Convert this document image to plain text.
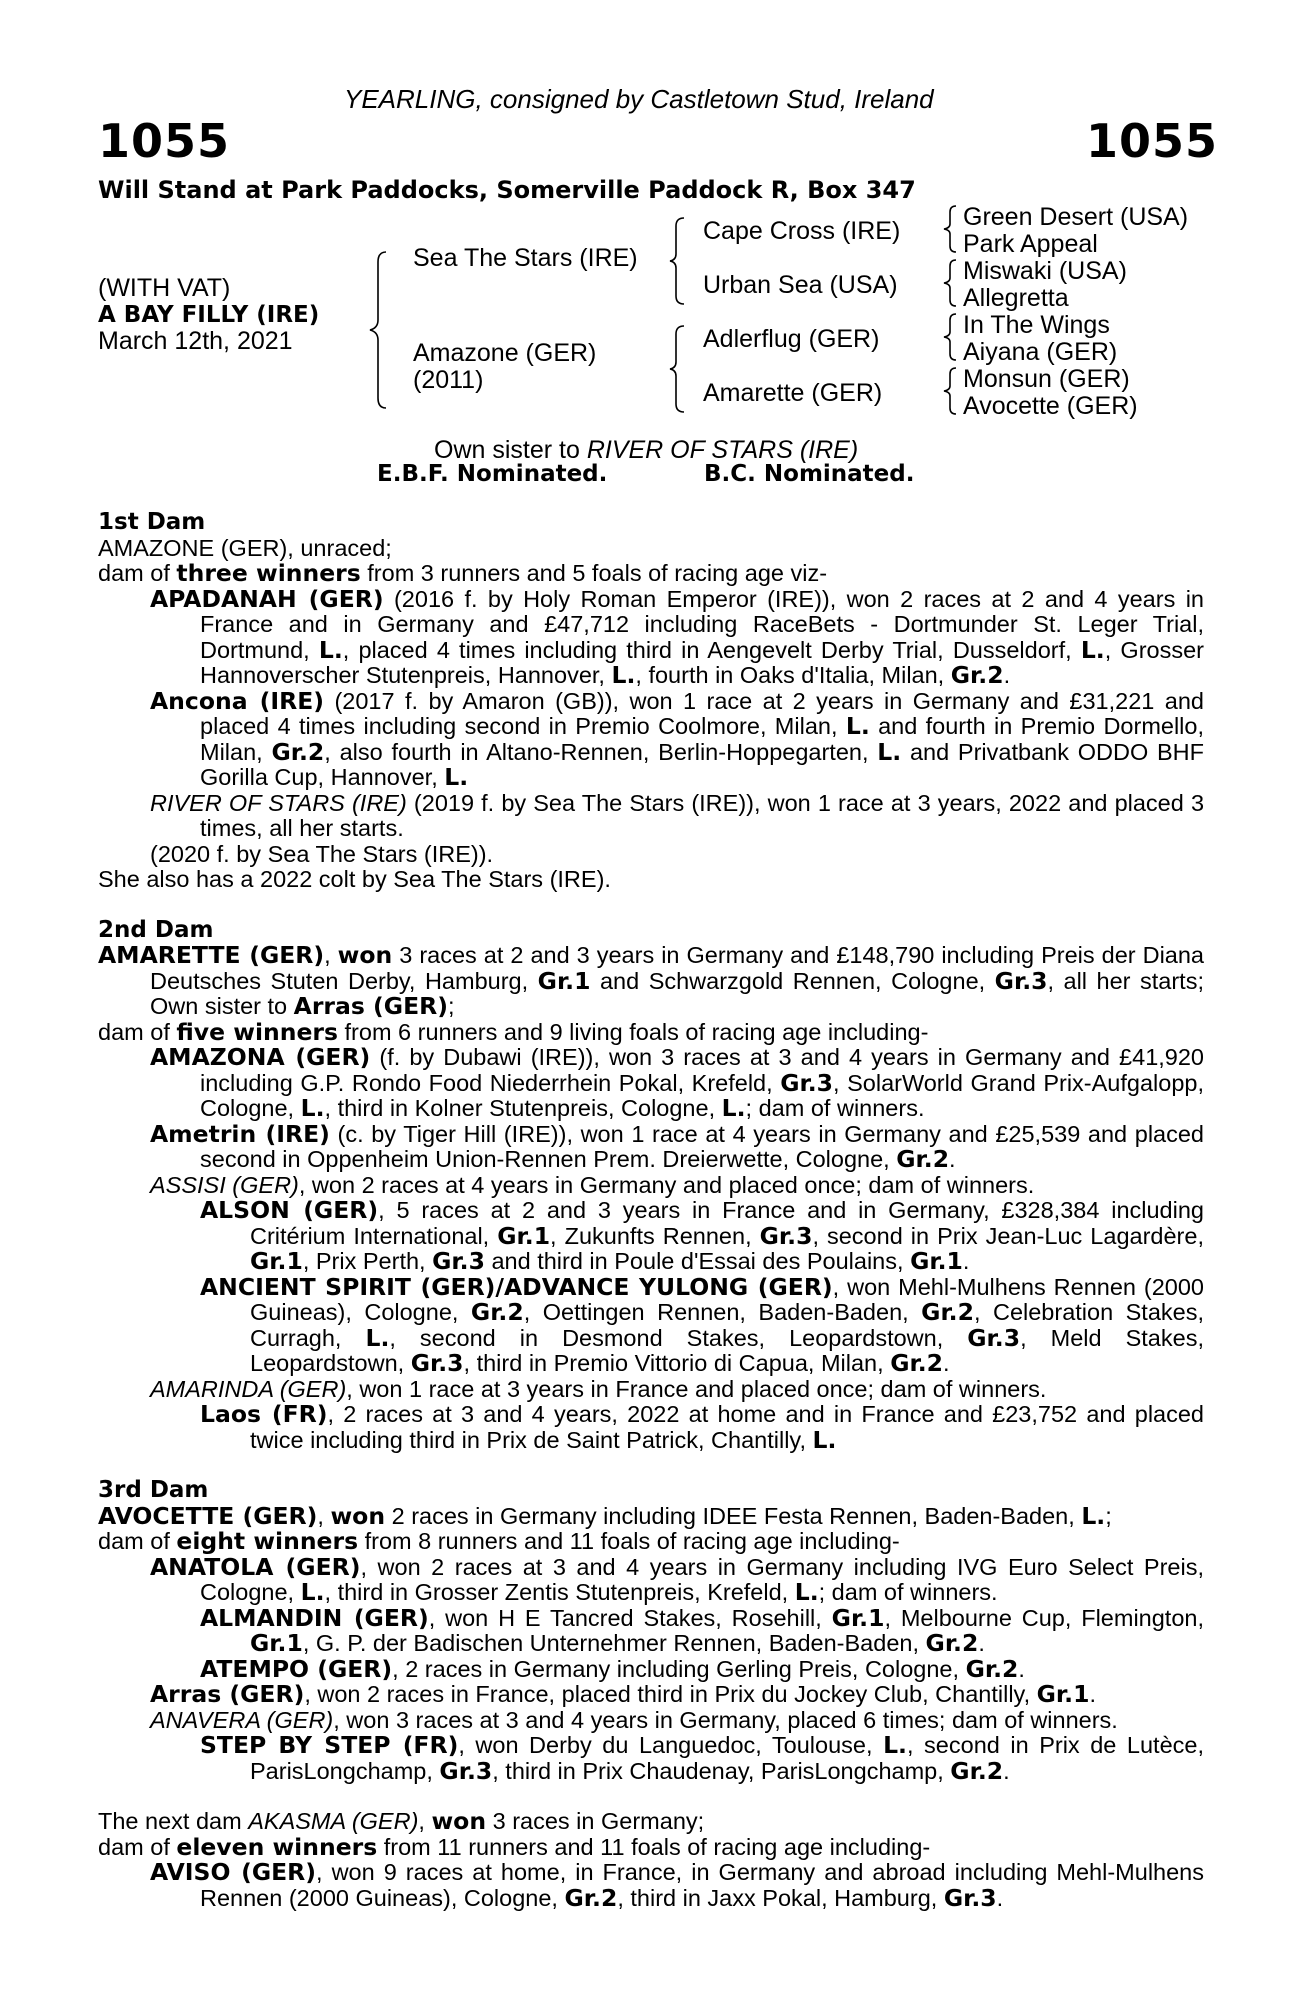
YEARLING, consigned by Castletown Stud, Ireland
1055	1055
Will Stand at Park Paddocks, Somerville Paddock R, Box 347
(WITH VAT)
A BAY FILLY (IRE)
March 12th, 2021
Sea The Stars (IRE)
Amazone (GER)
(2011)
Cape Cross (IRE)
Urban Sea (USA)
Adlerflug (GER)
Amarette (GER)
Green Desert (USA)
Park Appeal
Miswaki (USA)
Allegretta
In The Wings
Aiyana (GER)
Monsun (GER)
Avocette (GER)
Own sister to RIVER OF STARS (IRE)
E.B.F. Nominated.	B.C. Nominated.
1st Dam

AMAZONE (GER), unraced;

dam of three winners from 3 runners and 5 foals of racing age viz-

APADANAH (GER) (2016 f. by Holy Roman Emperor (IRE)), won 2 races at 2 and 4 years in France and in Germany and £47,712 including RaceBets - Dortmunder St. Leger Trial, Dortmund, L., placed 4 times including third in Aengevelt Derby Trial, Dusseldorf, L., Grosser Hannoverscher Stutenpreis, Hannover, L., fourth in Oaks d'Italia, Milan, Gr.2.

Ancona (IRE) (2017 f. by Amaron (GB)), won 1 race at 2 years in Germany and £31,221 and placed 4 times including second in Premio Coolmore, Milan, L. and fourth in Premio Dormello, Milan, Gr.2, also fourth in Altano-Rennen, Berlin-Hoppegarten, L. and Privatbank ODDO BHF Gorilla Cup, Hannover, L.

RIVER OF STARS (IRE) (2019 f. by Sea The Stars (IRE)), won 1 race at 3 years, 2022 and placed 3 times, all her starts.

(2020 f. by Sea The Stars (IRE)).

She also has a 2022 colt by Sea The Stars (IRE).

2nd Dam

AMARETTE (GER), won 3 races at 2 and 3 years in Germany and £148,790 including Preis der Diana Deutsches Stuten Derby, Hamburg, Gr.1 and Schwarzgold Rennen, Cologne, Gr.3, all her starts; Own sister to Arras (GER);

dam of five winners from 6 runners and 9 living foals of racing age including-

AMAZONA (GER) (f. by Dubawi (IRE)), won 3 races at 3 and 4 years in Germany and £41,920 including G.P. Rondo Food Niederrhein Pokal, Krefeld, Gr.3, SolarWorld Grand Prix-Aufgalopp, Cologne, L., third in Kolner Stutenpreis, Cologne, L.; dam of winners.

Ametrin (IRE) (c. by Tiger Hill (IRE)), won 1 race at 4 years in Germany and £25,539 and placed second in Oppenheim Union-Rennen Prem. Dreierwette, Cologne, Gr.2.

ASSISI (GER), won 2 races at 4 years in Germany and placed once; dam of winners.

ALSON (GER), 5 races at 2 and 3 years in France and in Germany, £328,384 including Critérium International, Gr.1, Zukunfts Rennen, Gr.3, second in Prix Jean-Luc Lagardère, Gr.1, Prix Perth, Gr.3 and third in Poule d'Essai des Poulains, Gr.1.

ANCIENT SPIRIT (GER)/ADVANCE YULONG (GER), won Mehl-Mulhens Rennen (2000 Guineas), Cologne, Gr.2, Oettingen Rennen, Baden-Baden, Gr.2, Celebration Stakes, Curragh, L., second in Desmond Stakes, Leopardstown, Gr.3, Meld Stakes, Leopardstown, Gr.3, third in Premio Vittorio di Capua, Milan, Gr.2.

AMARINDA (GER), won 1 race at 3 years in France and placed once; dam of winners.

Laos (FR), 2 races at 3 and 4 years, 2022 at home and in France and £23,752 and placed twice including third in Prix de Saint Patrick, Chantilly, L.

3rd Dam

AVOCETTE (GER), won 2 races in Germany including IDEE Festa Rennen, Baden-Baden, L.;

dam of eight winners from 8 runners and 11 foals of racing age including-

ANATOLA (GER), won 2 races at 3 and 4 years in Germany including IVG Euro Select Preis, Cologne, L., third in Grosser Zentis Stutenpreis, Krefeld, L.; dam of winners.

ALMANDIN (GER), won H E Tancred Stakes, Rosehill, Gr.1, Melbourne Cup, Flemington, Gr.1, G. P. der Badischen Unternehmer Rennen, Baden-Baden, Gr.2.

ATEMPO (GER), 2 races in Germany including Gerling Preis, Cologne, Gr.2.

Arras (GER), won 2 races in France, placed third in Prix du Jockey Club, Chantilly, Gr.1.

ANAVERA (GER), won 3 races at 3 and 4 years in Germany, placed 6 times; dam of winners.

STEP BY STEP (FR), won Derby du Languedoc, Toulouse, L., second in Prix de Lutèce, ParisLongchamp, Gr.3, third in Prix Chaudenay, ParisLongchamp, Gr.2.

The next dam AKASMA (GER), won 3 races in Germany;

dam of eleven winners from 11 runners and 11 foals of racing age including-

AVISO (GER), won 9 races at home, in France, in Germany and abroad including Mehl-Mulhens Rennen (2000 Guineas), Cologne, Gr.2, third in Jaxx Pokal, Hamburg, Gr.3.
